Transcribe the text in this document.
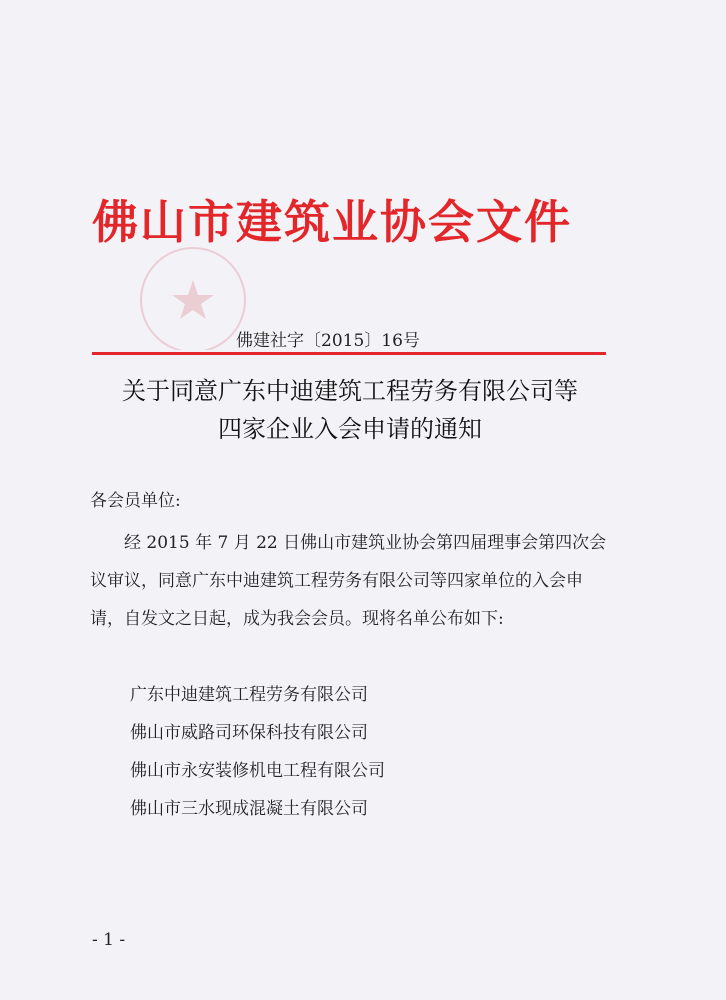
佛山市建筑业协会文件
佛建社字〔2015〕16号
关于同意广东中迪建筑工程劳务有限公司等
四家企业入会申请的通知
各会员单位:
经 2015 年 7 月 22 日佛山市建筑业协会第四届理事会第四次会议审议，同意广东中迪建筑工程劳务有限公司等四家单位的入会申请，自发文之日起，成为我会会员。现将名单公布如下:
广东中迪建筑工程劳务有限公司
佛山市威路司环保科技有限公司
佛山市永安装修机电工程有限公司
佛山市三水现成混凝土有限公司
- 1 -
